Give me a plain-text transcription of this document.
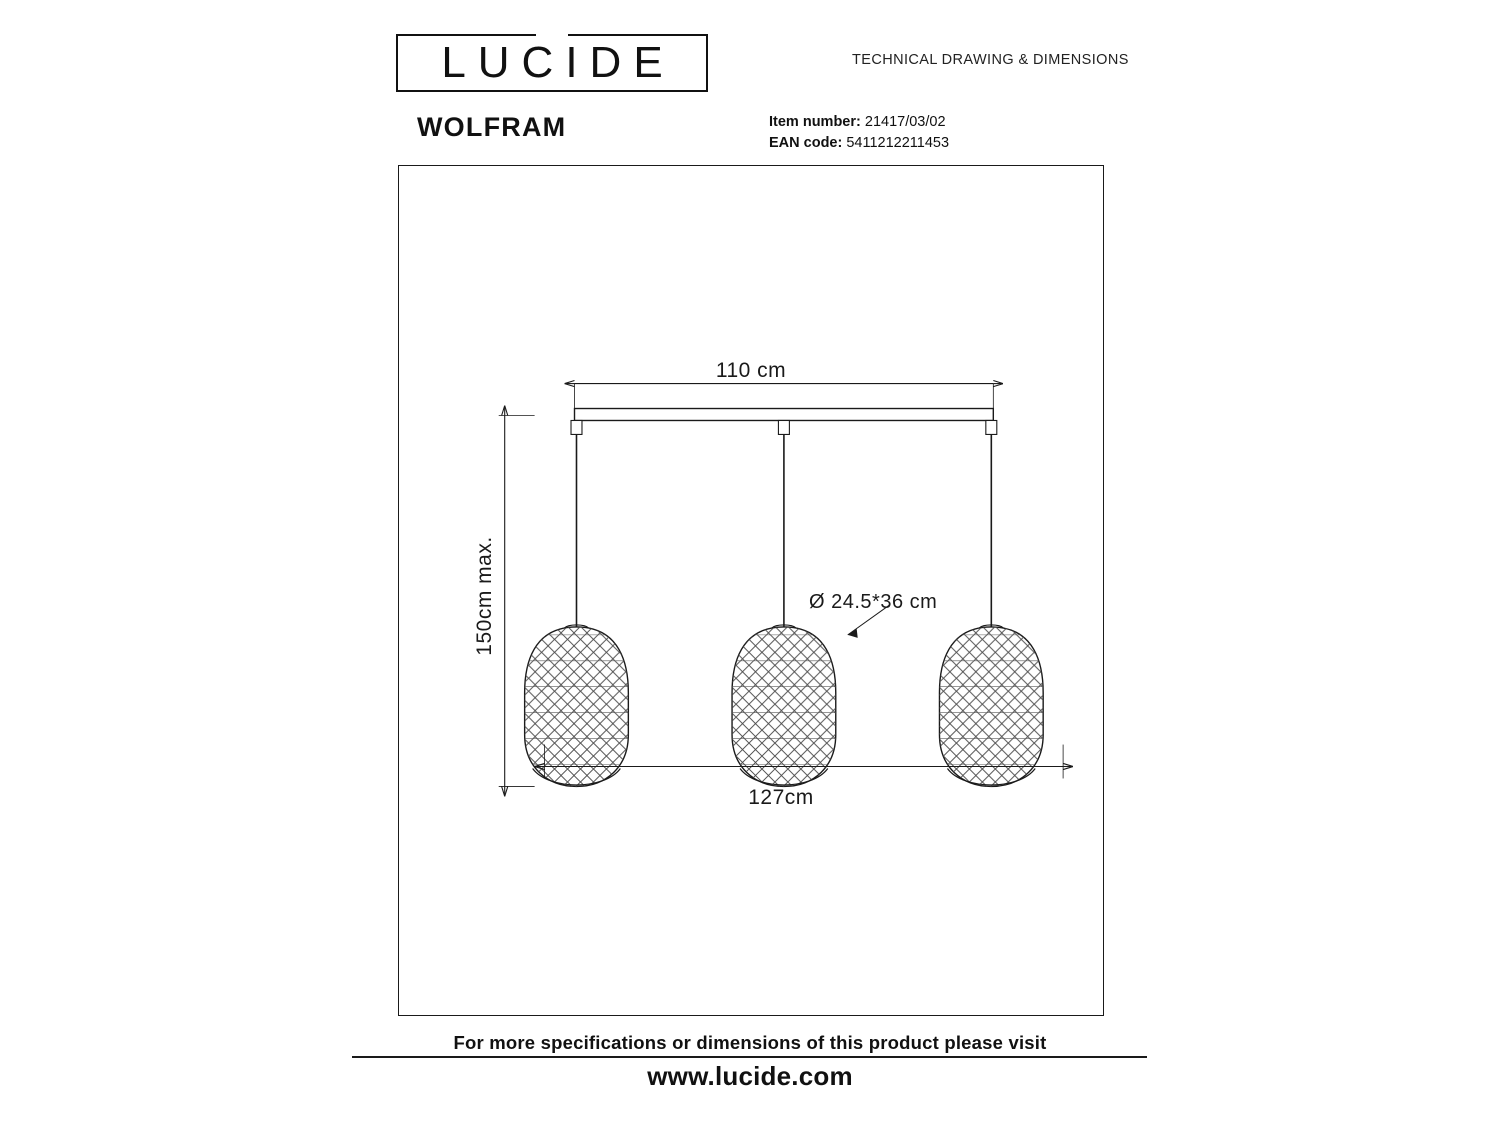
LUCIDE	TECHNICAL DRAWING & DIMENSIONS
WOLFRAM	Item number: 21417/03/02
EAN code: 5411212211453
110 cm
127cm
150cm max.	Ø 24.5*36 cm
For more specifications or dimensions of this product please visit
www.lucide.com
